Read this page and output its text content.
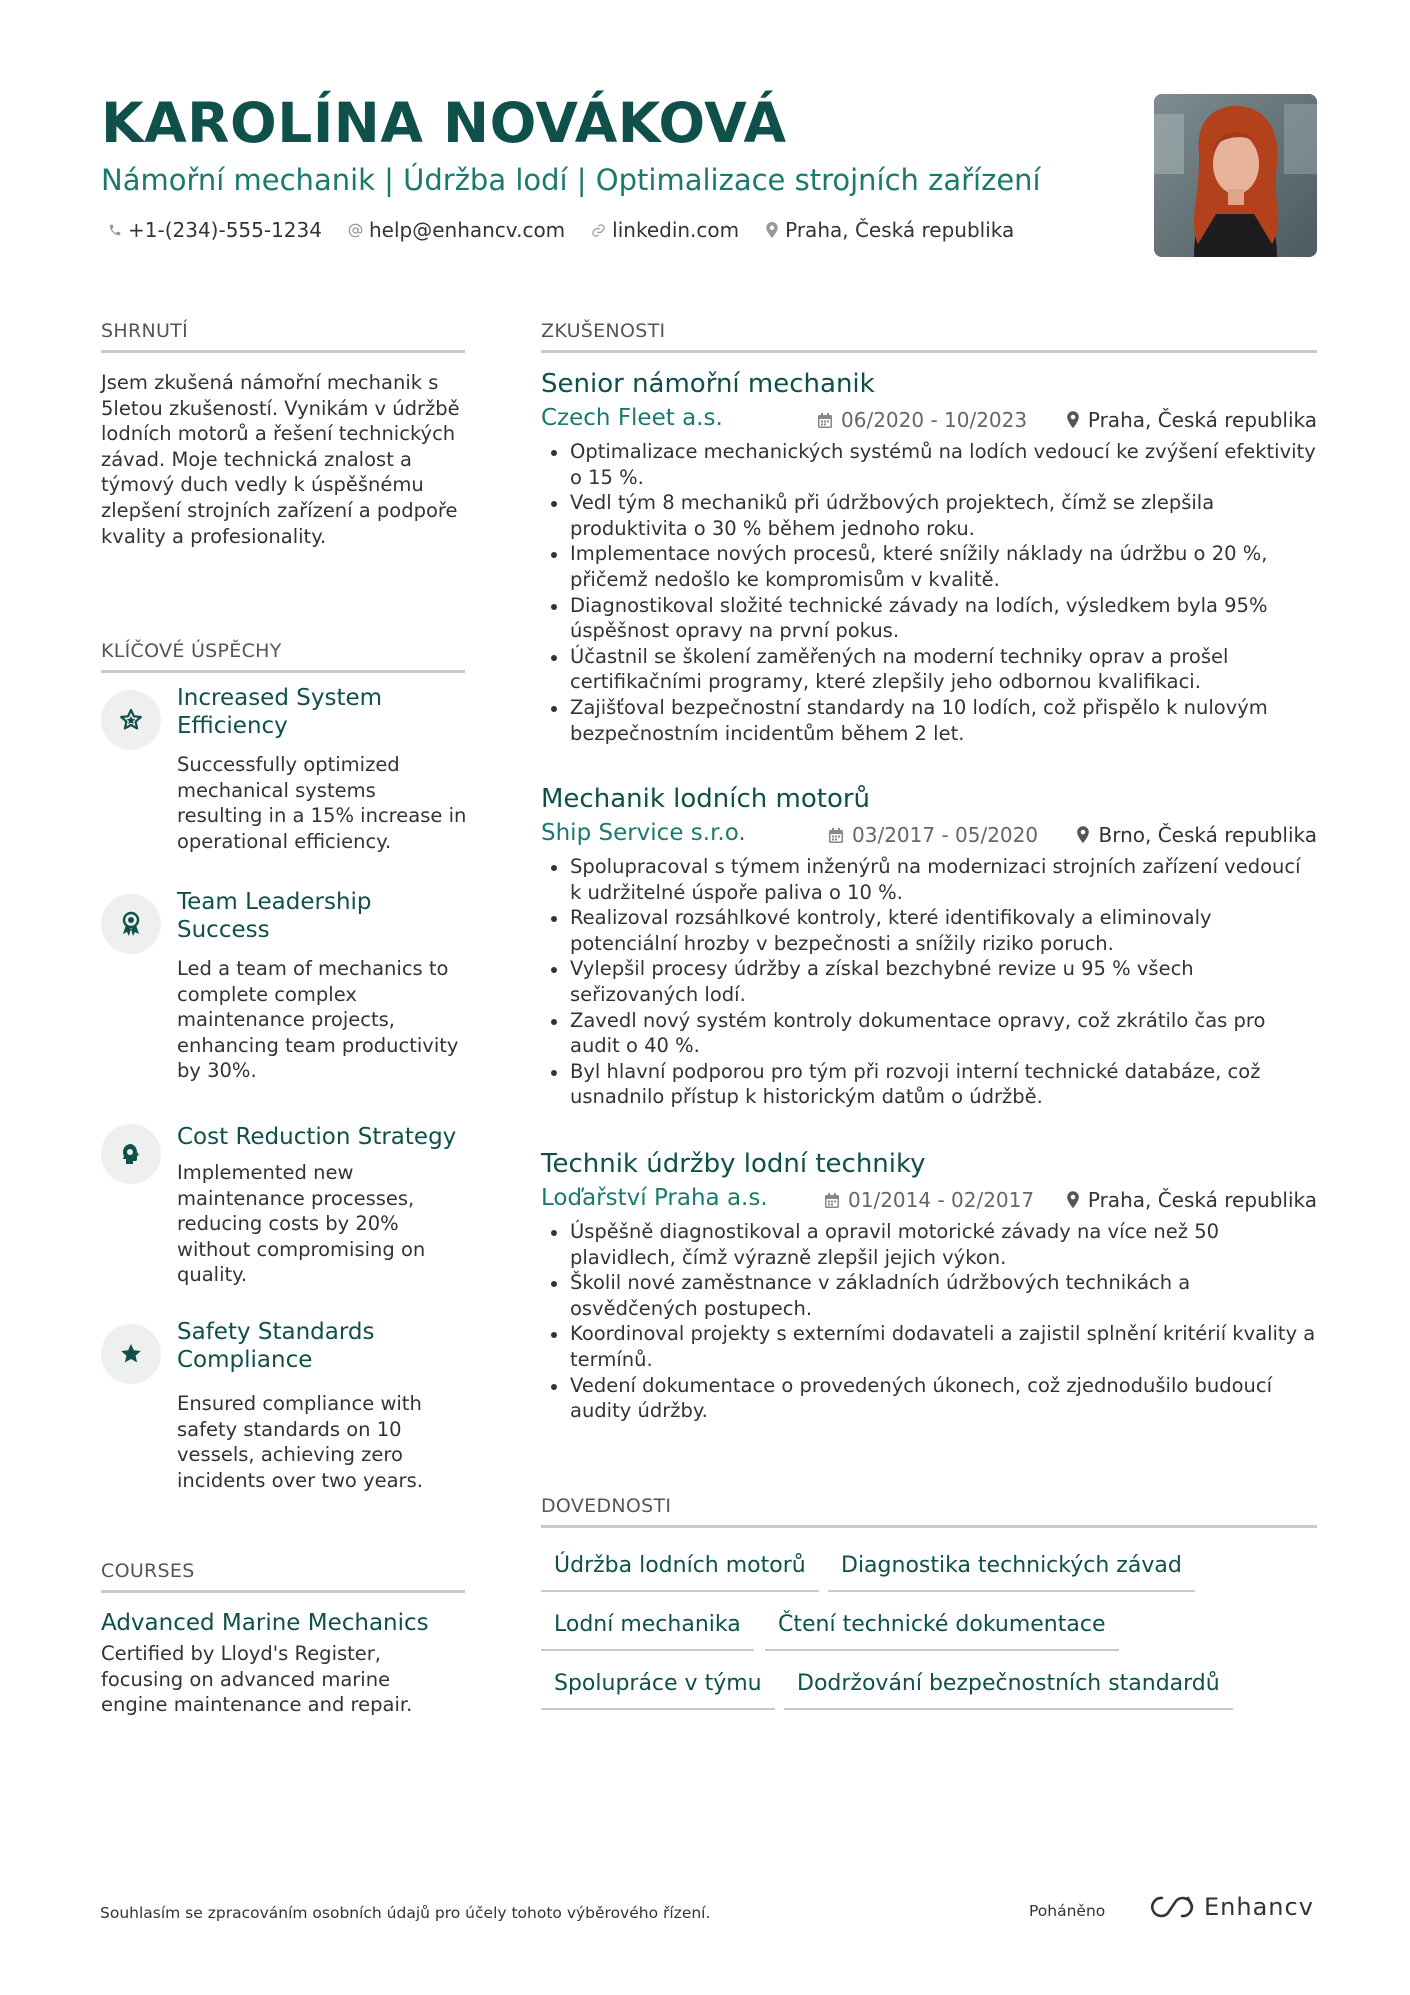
KAROLÍNA NOVÁKOVÁ
Námořní mechanik | Údržba lodí | Optimalizace strojních zařízení
+1-(234)-555-1234 help@enhancv.com linkedin.com Praha, Česká republika
SHRNUTÍ
Jsem zkušená námořní mechanik s 5letou zkušeností. Vynikám v údržbě lodních motorů a řešení technických závad. Moje technická znalost a týmový duch vedly k úspěšnému zlepšení strojních zařízení a podpoře kvality a profesionality.
KLÍČOVÉ ÚSPĚCHY
Increased System Efficiency
Successfully optimized mechanical systems resulting in a 15% increase in operational efficiency.
Team Leadership Success
Led a team of mechanics to complete complex maintenance projects, enhancing team productivity by 30%.
Cost Reduction Strategy
Implemented new maintenance processes, reducing costs by 20% without compromising on quality.
Safety Standards Compliance
Ensured compliance with safety standards on 10 vessels, achieving zero incidents over two years.
COURSES
Advanced Marine Mechanics
Certified by Lloyd's Register, focusing on advanced marine engine maintenance and repair.
ZKUŠENOSTI
Senior námořní mechanik
Czech Fleet a.s.	06/2020 - 10/2023	Praha, Česká republika
Optimalizace mechanických systémů na lodích vedoucí ke zvýšení efektivity o 15 %.
Vedl tým 8 mechaniků při údržbových projektech, čímž se zlepšila produktivita o 30 % během jednoho roku.
Implementace nových procesů, které snížily náklady na údržbu o 20 %, přičemž nedošlo ke kompromisům v kvalitě.
Diagnostikoval složité technické závady na lodích, výsledkem byla 95% úspěšnost opravy na první pokus.
Účastnil se školení zaměřených na moderní techniky oprav a prošel certifikačními programy, které zlepšily jeho odbornou kvalifikaci.
Zajišťoval bezpečnostní standardy na 10 lodích, což přispělo k nulovým bezpečnostním incidentům během 2 let.
Mechanik lodních motorů
Ship Service s.r.o.	03/2017 - 05/2020	Brno, Česká republika
Spolupracoval s týmem inženýrů na modernizaci strojních zařízení vedoucí k udržitelné úspoře paliva o 10 %.
Realizoval rozsáhlkové kontroly, které identifikovaly a eliminovaly potenciální hrozby v bezpečnosti a snížily riziko poruch.
Vylepšil procesy údržby a získal bezchybné revize u 95 % všech seřizovaných lodí.
Zavedl nový systém kontroly dokumentace opravy, což zkrátilo čas pro audit o 40 %.
Byl hlavní podporou pro tým při rozvoji interní technické databáze, což usnadnilo přístup k historickým datům o údržbě.
Technik údržby lodní techniky
Loďařství Praha a.s.	01/2014 - 02/2017	Praha, Česká republika
Úspěšně diagnostikoval a opravil motorické závady na více než 50 plavidlech, čímž výrazně zlepšil jejich výkon.
Školil nové zaměstnance v základních údržbových technikách a osvědčených postupech.
Koordinoval projekty s externími dodavateli a zajistil splnění kritérií kvality a termínů.
Vedení dokumentace o provedených úkonech, což zjednodušilo budoucí audity údržby.
DOVEDNOSTI
Údržba lodních motorů	Diagnostika technických závad
Lodní mechanika	Čtení technické dokumentace
Spolupráce v týmu	Dodržování bezpečnostních standardů
Souhlasím se zpracováním osobních údajů pro účely tohoto výběrového řízení.	Poháněno	Enhancv
